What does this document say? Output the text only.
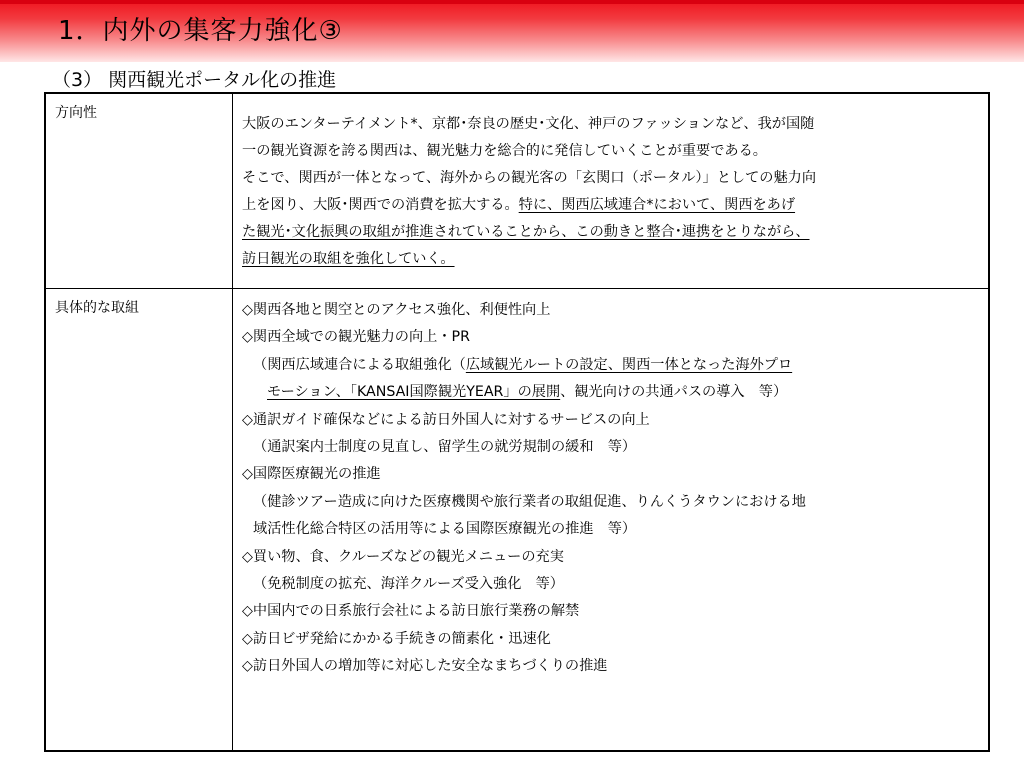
1．内外の集客力強化③
（3） 関西観光ポータル化の推進
方向性
大阪のエンターテイメント*、京都･奈良の歴史･文化、神戸のファッションなど、我が国随
一の観光資源を誇る関西は、観光魅力を総合的に発信していくことが重要である。
そこで、関西が一体となって、海外からの観光客の「玄関口（ポータル）」としての魅力向
上を図り、大阪･関西での消費を拡大する。特に、関西広域連合*において、関西をあげ
た観光･文化振興の取組が推進されていることから、この動きと整合･連携をとりながら、
訪日観光の取組を強化していく。
具体的な取組	◇関西各地と関空とのアクセス強化、利便性向上
◇関西全域での観光魅力の向上・PR
（関西広域連合による取組強化（広域観光ルートの設定、関西一体となった海外プロ
モーション、「KANSAI国際観光YEAR」の展開、観光向けの共通パスの導入　等）
◇通訳ガイド確保などによる訪日外国人に対するサービスの向上
（通訳案内士制度の見直し、留学生の就労規制の緩和　等）
◇国際医療観光の推進
（健診ツアー造成に向けた医療機関や旅行業者の取組促進、りんくうタウンにおける地
域活性化総合特区の活用等による国際医療観光の推進　等）
◇買い物、食、クルーズなどの観光メニューの充実
（免税制度の拡充、海洋クルーズ受入強化　等）
◇中国内での日系旅行会社による訪日旅行業務の解禁
◇訪日ビザ発給にかかる手続きの簡素化・迅速化
◇訪日外国人の増加等に対応した安全なまちづくりの推進
